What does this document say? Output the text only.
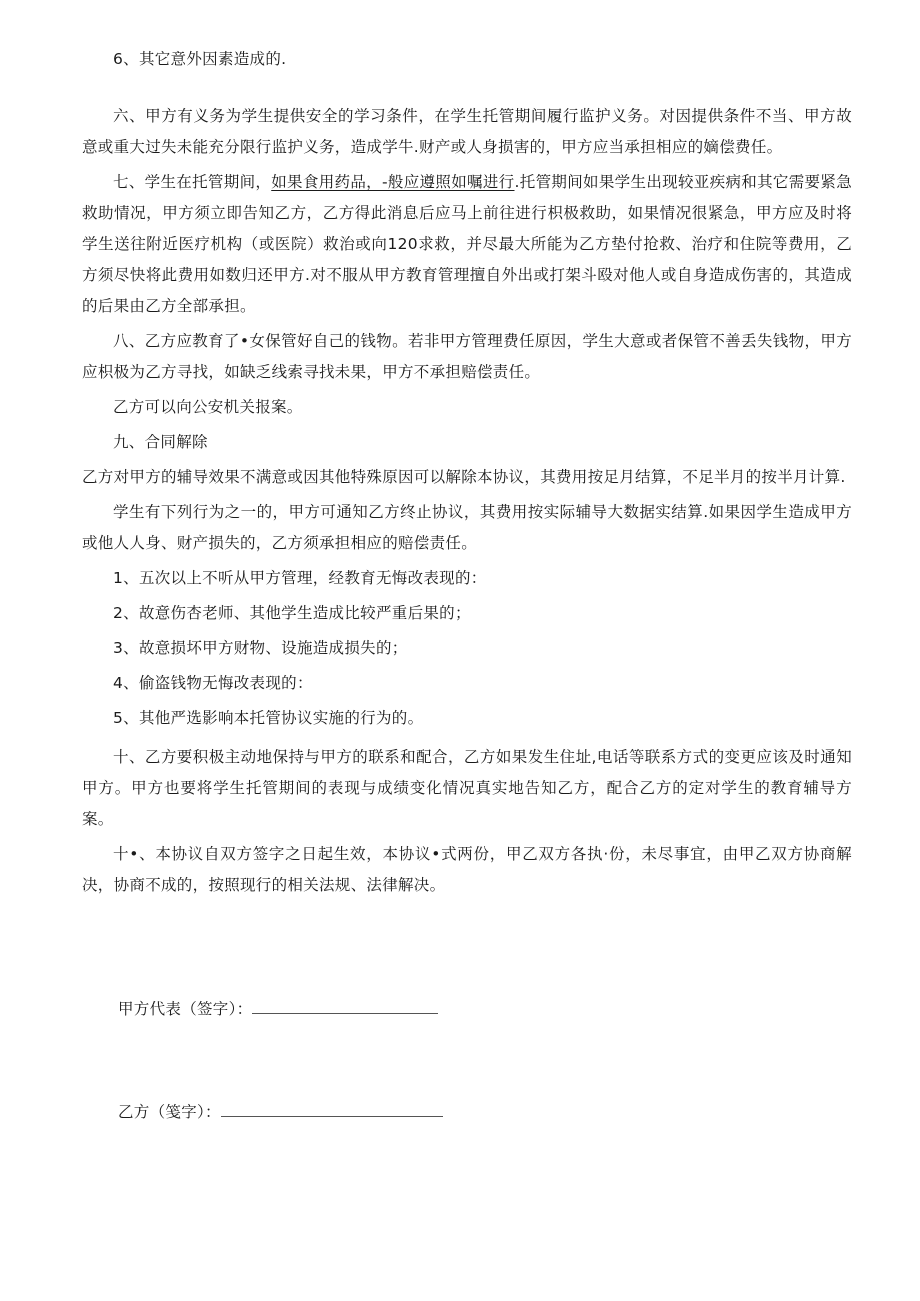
6、其它意外因素造成的.

六、甲方有义务为学生提供安全的学习条件，在学生托管期间履行监护义务。对因提供条件不当、甲方故意或重大过失未能充分限行监护义务，造成学牛.财产或人身损害的，甲方应当承担相应的嫡偿费任。

七、学生在托管期间，如果食用药品，-般应遵照如嘱进行.托管期间如果学生出现较亚疾病和其它需要紧急救助情况，甲方须立即告知乙方，乙方得此消息后应马上前往进行枳极救助，如果情况很紧急，甲方应及时将学生送往附近医疗机构（或医院）救治或向120求救，并尽最大所能为乙方垫付抢救、治疗和住院等费用，乙方须尽快将此费用如数归还甲方.对不服从甲方教育管理擅自外出或打架斗殴对他人或自身造成伤害的，其造成的后果由乙方全部承担。

八、乙方应教育了•女保管好自己的钱物。若非甲方管理费任原因，学生大意或者保管不善丢失钱物，甲方应枳极为乙方寻找，如缺乏线索寻找未果，甲方不承担赔偿责任。

乙方可以向公安机关报案。

九、合同解除

乙方对甲方的辅导效果不满意或因其他特殊原因可以解除本协议，其费用按足月结算，不足半月的按半月计算.

学生有下列行为之一的，甲方可通知乙方终止协议，其费用按实际辅导大数据实结算.如果因学生造成甲方或他人人身、财产损失的，乙方须承担相应的赔偿责任。

1、五次以上不听从甲方管理，经教育无悔改表现的：

2、故意伤杏老师、其他学生造成比较严重后果的；

3、故意损坏甲方财物、设施造成损失的；

4、偷盗钱物无悔改表现的：

5、其他严选影响本托管协议实施的行为的。

十、乙方要积极主动地保持与甲方的联系和配合，乙方如果发生住址,电话等联系方式的变更应该及时通知甲方。甲方也要将学生托管期间的表现与成绩变化情况真实地告知乙方，配合乙方的定对学生的教育辅导方案。

十•、本协议自双方签字之日起生效，本协议•式两份，甲乙双方各执·份，未尽事宜，由甲乙双方协商解决，协商不成的，按照现行的相关法规、法律解决。

甲方代表（签字）：
乙方（笺字）：
